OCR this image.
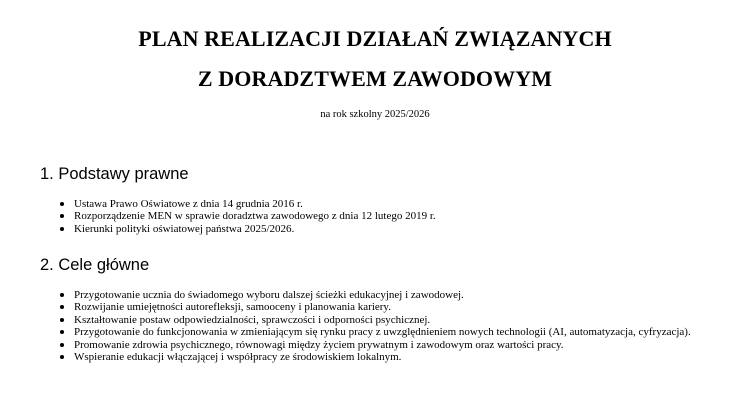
PLAN REALIZACJI DZIAŁAŃ ZWIĄZANYCH
Z DORADZTWEM ZAWODOWYM
na rok szkolny 2025/2026
1. Podstawy prawne
Ustawa Prawo Oświatowe z dnia 14 grudnia 2016 r.
Rozporządzenie MEN w sprawie doradztwa zawodowego z dnia 12 lutego 2019 r.
Kierunki polityki oświatowej państwa 2025/2026.
2. Cele główne
Przygotowanie ucznia do świadomego wyboru dalszej ścieżki edukacyjnej i zawodowej.
Rozwijanie umiejętności autorefleksji, samooceny i planowania kariery.
Kształtowanie postaw odpowiedzialności, sprawczości i odporności psychicznej.
Przygotowanie do funkcjonowania w zmieniającym się rynku pracy z uwzględnieniem nowych technologii (AI, automatyzacja, cyfryzacja).
Promowanie zdrowia psychicznego, równowagi między życiem prywatnym i zawodowym oraz wartości pracy.
Wspieranie edukacji włączającej i współpracy ze środowiskiem lokalnym.
